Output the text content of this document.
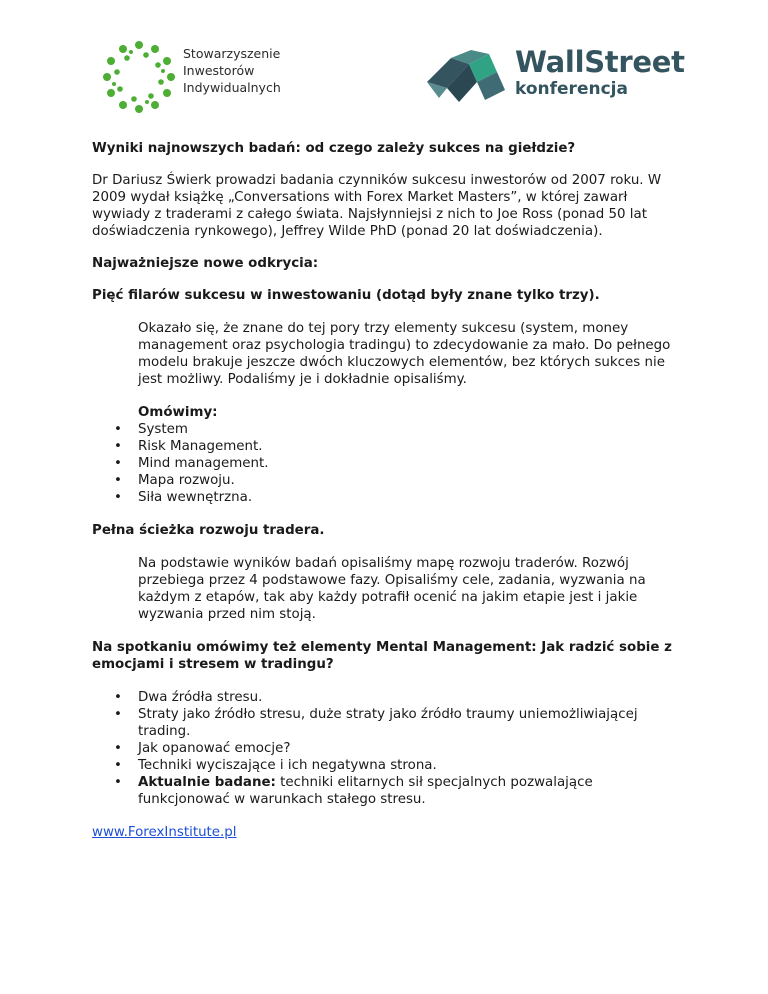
Stowarzyszenie
Inwestorów
Indywidualnych
WallStreet
konferencja

Wyniki najnowszych badań: od czego zależy sukces na giełdzie?

Dr Dariusz Świerk prowadzi badania czynników sukcesu inwestorów od 2007 roku. W 2009 wydał książkę „Conversations with Forex Market Masters”, w której zawarł wywiady z traderami z całego świata. Najsłynniejsi z nich to Joe Ross (ponad 50 lat doświadczenia rynkowego), Jeffrey Wilde PhD (ponad 20 lat doświadczenia).

Najważniejsze nowe odkrycia:

Pięć filarów sukcesu w inwestowaniu (dotąd były znane tylko trzy).

Okazało się, że znane do tej pory trzy elementy sukcesu (system, money management oraz psychologia tradingu) to zdecydowanie za mało. Do pełnego modelu brakuje jeszcze dwóch kluczowych elementów, bez których sukces nie jest możliwy. Podaliśmy je i dokładnie opisaliśmy.

Omówimy:

• System
• Risk Management.
• Mind management.
• Mapa rozwoju.
• Siła wewnętrzna.

Pełna ścieżka rozwoju tradera.

Na podstawie wyników badań opisaliśmy mapę rozwoju traderów. Rozwój przebiega przez 4 podstawowe fazy. Opisaliśmy cele, zadania, wyzwania na każdym z etapów, tak aby każdy potrafił ocenić na jakim etapie jest i jakie wyzwania przed nim stoją.

Na spotkaniu omówimy też elementy Mental Management: Jak radzić sobie z emocjami i stresem w tradingu?

• Dwa źródła stresu.
• Straty jako źródło stresu, duże straty jako źródło traumy uniemożliwiającej trading.
• Jak opanować emocje?
• Techniki wyciszające i ich negatywna strona.
• Aktualnie badane: techniki elitarnych sił specjalnych pozwalające funkcjonować w warunkach stałego stresu.

www.ForexInstitute.pl
